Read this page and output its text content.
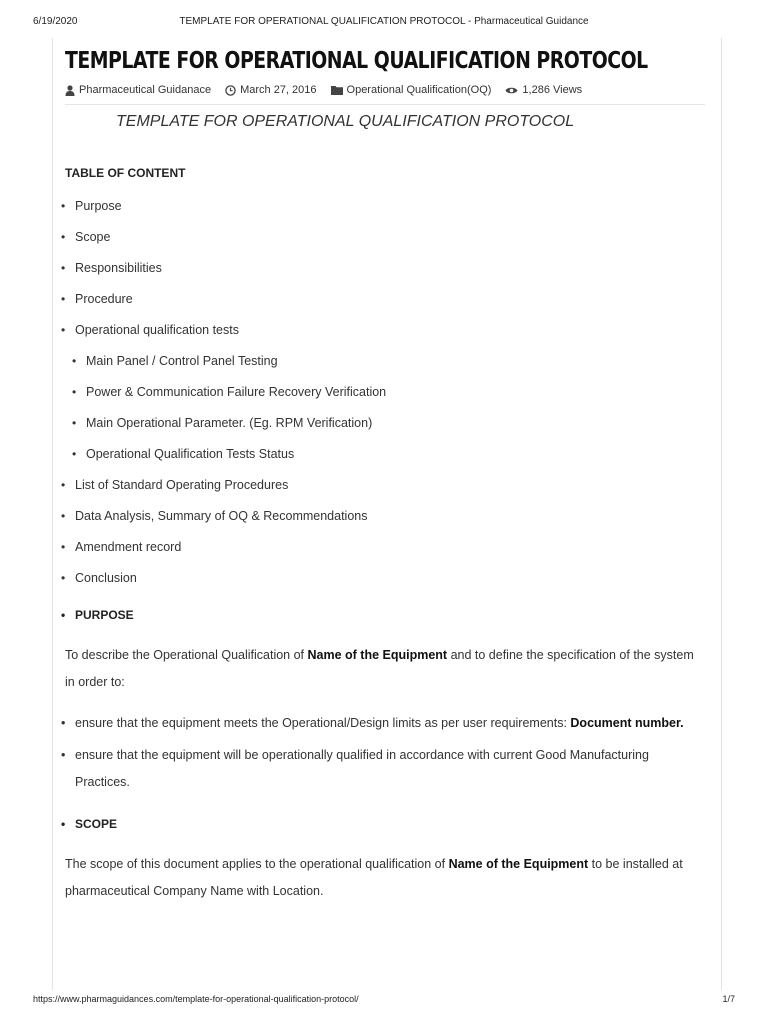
6/19/2020	TEMPLATE FOR OPERATIONAL QUALIFICATION PROTOCOL - Pharmaceutical Guidance
TEMPLATE FOR OPERATIONAL QUALIFICATION PROTOCOL
Pharmaceutical Guidanace	March 27, 2016	Operational Qualification(OQ)	1,286 Views
TEMPLATE FOR OPERATIONAL QUALIFICATION PROTOCOL
TABLE OF CONTENT
• Purpose
• Scope
• Responsibilities
• Procedure
• Operational qualification tests
• Main Panel / Control Panel Testing
• Power & Communication Failure Recovery Verification
• Main Operational Parameter. (Eg. RPM Verification)
• Operational Qualification Tests Status
• List of Standard Operating Procedures
• Data Analysis, Summary of OQ & Recommendations
• Amendment record
• Conclusion
• PURPOSE

To describe the Operational Qualification of Name of the Equipment and to define the specification of the system in order to:

• ensure that the equipment meets the Operational/Design limits as per user requirements: Document number.
• ensure that the equipment will be operationally qualified in accordance with current Good Manufacturing Practices.
• SCOPE

The scope of this document applies to the operational qualification of Name of the Equipment to be installed at pharmaceutical Company Name with Location.

https://www.pharmaguidances.com/template-for-operational-qualification-protocol/	1/7
